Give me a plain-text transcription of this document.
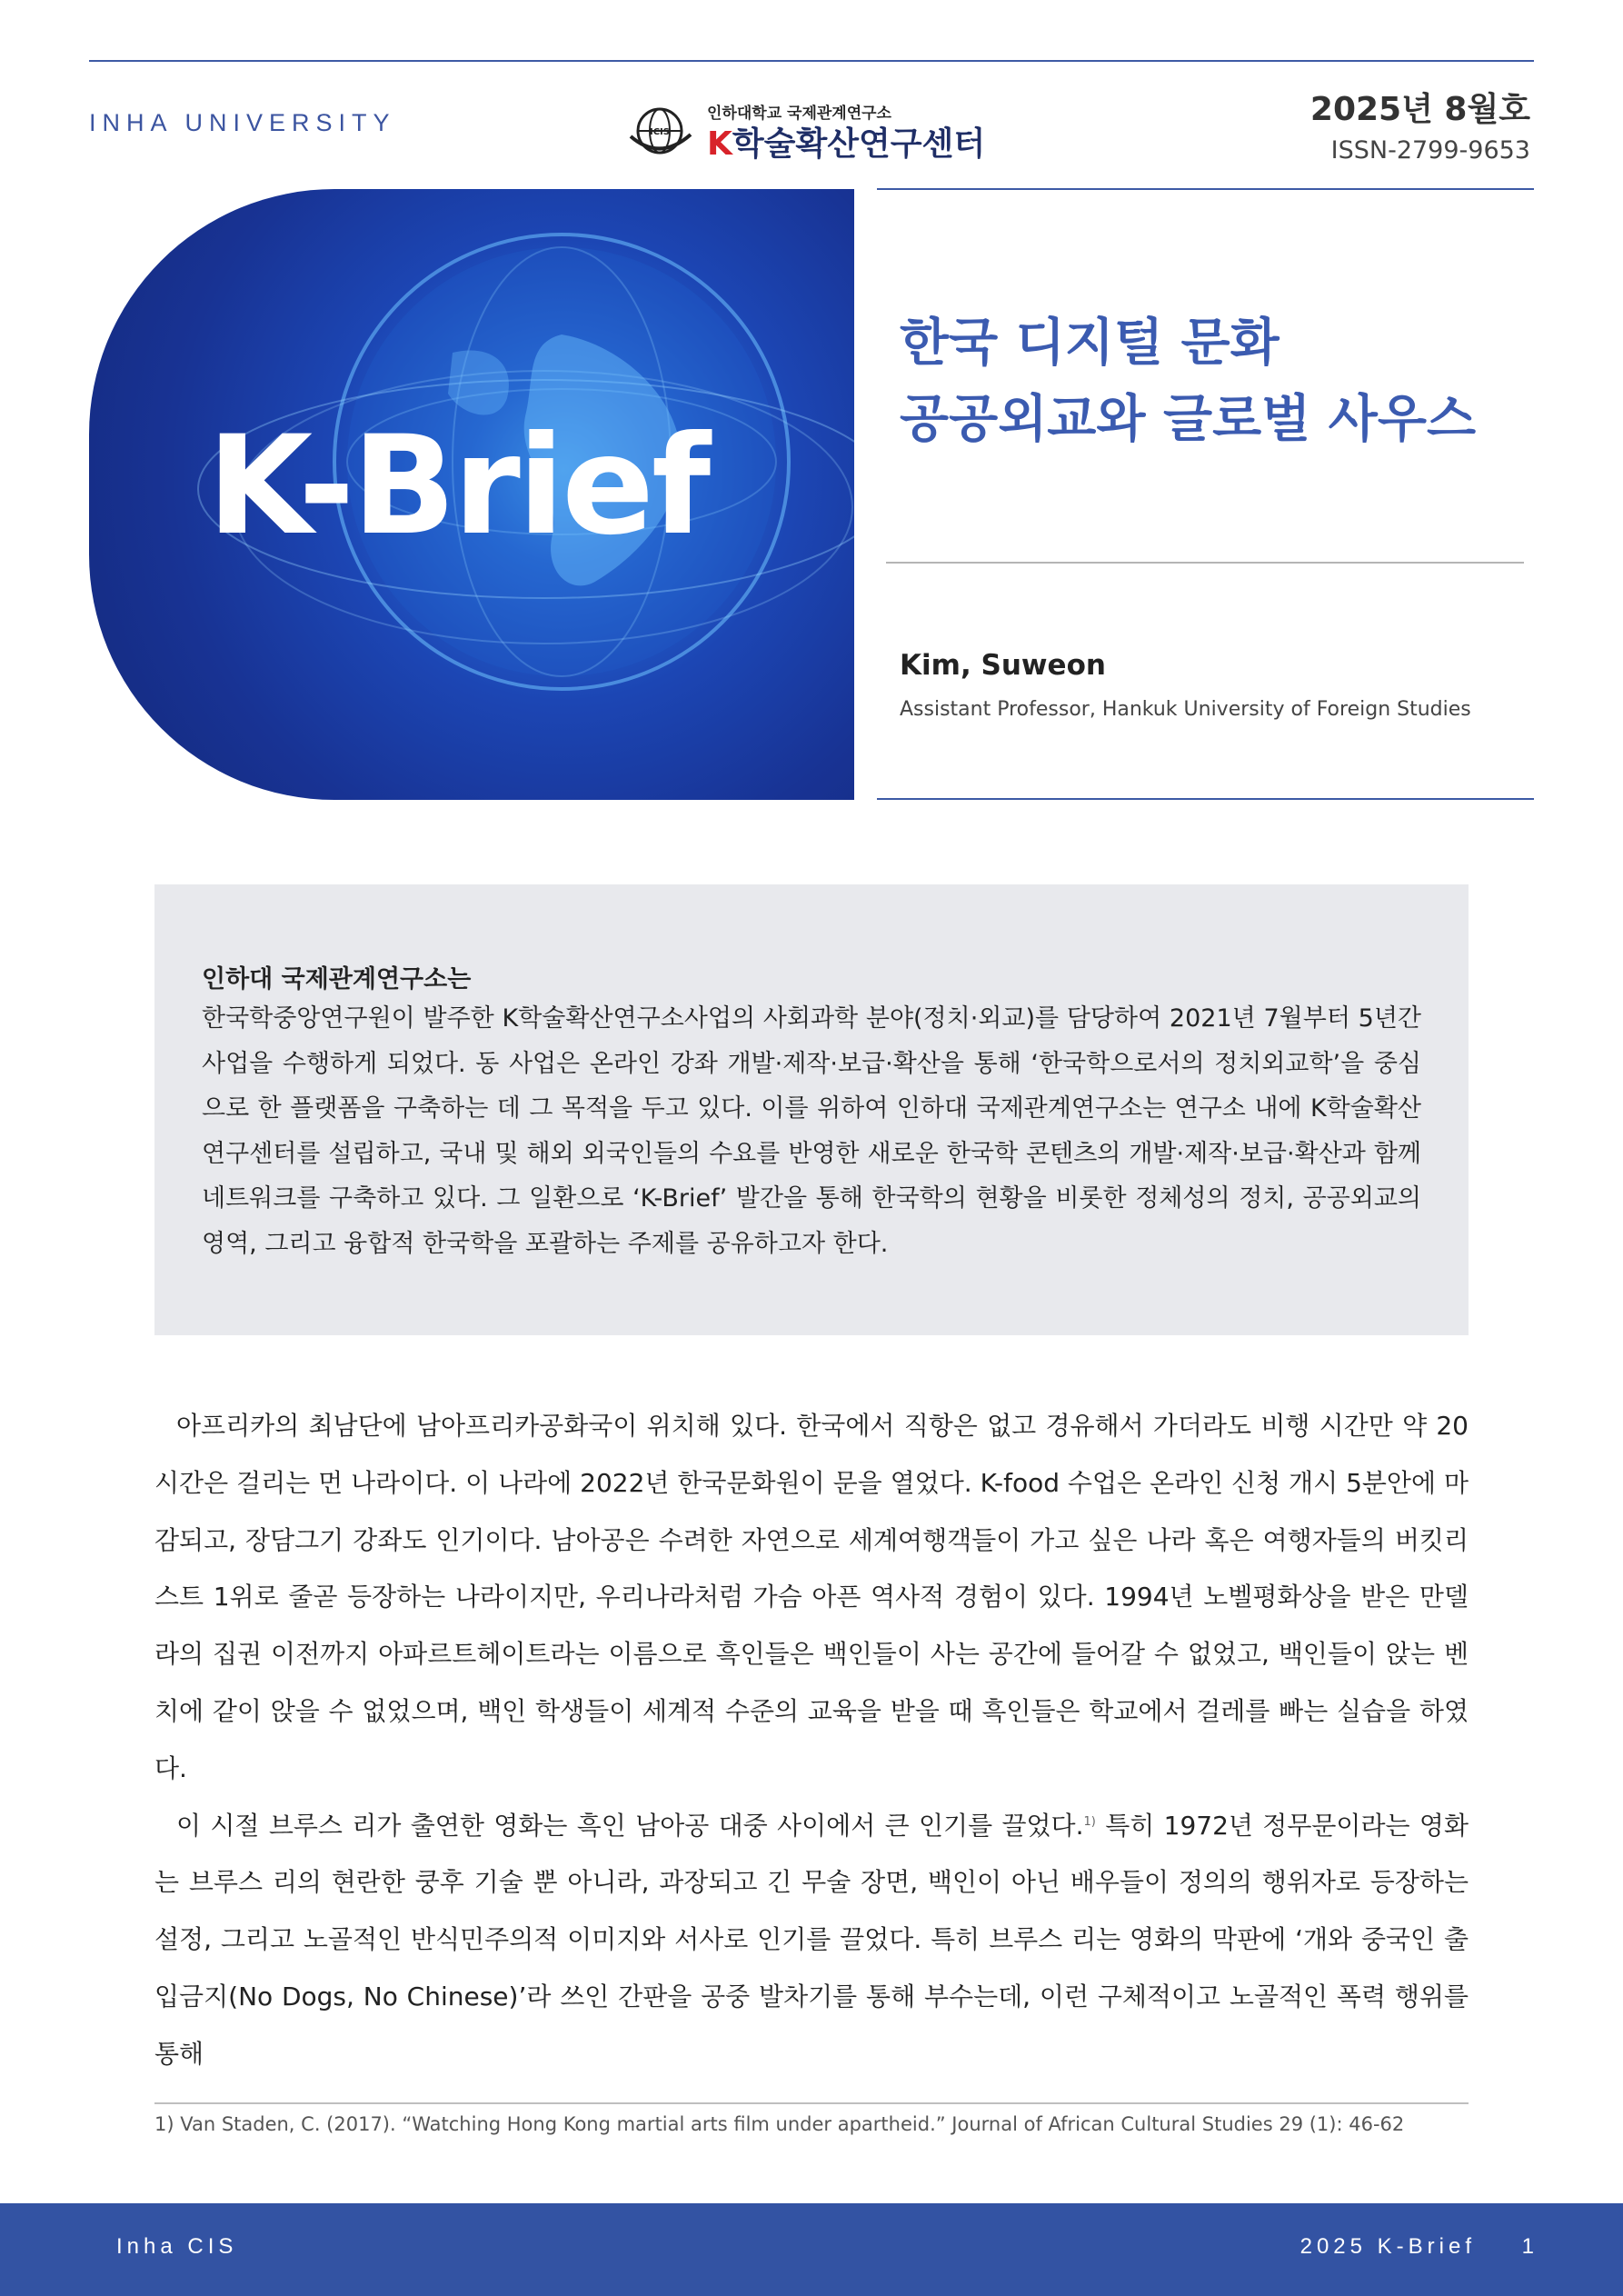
INHA UNIVERSITY	ICIS
인하대학교 국제관계연구소
K학술확산연구센터
2025년 8월호
ISSN-2799-9653
K-Brief
한국 디지털 문화
공공외교와 글로벌 사우스
Kim, Suweon
Assistant Professor, Hankuk University of Foreign Studies
인하대 국제관계연구소는
한국학중앙연구원이 발주한 K학술확산연구소사업의 사회과학 분야(정치·외교)를 담당하여 2021년 7월부터 5년간 사업을 수행하게 되었다. 동 사업은 온라인 강좌 개발·제작·보급·확산을 통해 ‘한국학으로서의 정치외교학’을 중심으로 한 플랫폼을 구축하는 데 그 목적을 두고 있다. 이를 위하여 인하대 국제관계연구소는 연구소 내에 K학술확산연구센터를 설립하고, 국내 및 해외 외국인들의 수요를 반영한 새로운 한국학 콘텐츠의 개발·제작·보급·확산과 함께 네트워크를 구축하고 있다. 그 일환으로 ‘K-Brief’ 발간을 통해 한국학의 현황을 비롯한 정체성의 정치, 공공외교의 영역, 그리고 융합적 한국학을 포괄하는 주제를 공유하고자 한다.

아프리카의 최남단에 남아프리카공화국이 위치해 있다. 한국에서 직항은 없고 경유해서 가더라도 비행 시간만 약 20시간은 걸리는 먼 나라이다. 이 나라에 2022년 한국문화원이 문을 열었다. K-food 수업은 온라인 신청 개시 5분안에 마감되고, 장담그기 강좌도 인기이다. 남아공은 수려한 자연으로 세계여행객들이 가고 싶은 나라 혹은 여행자들의 버킷리스트 1위로 줄곧 등장하는 나라이지만, 우리나라처럼 가슴 아픈 역사적 경험이 있다. 1994년 노벨평화상을 받은 만델라의 집권 이전까지 아파르트헤이트라는 이름으로 흑인들은 백인들이 사는 공간에 들어갈 수 없었고, 백인들이 앉는 벤치에 같이 앉을 수 없었으며, 백인 학생들이 세계적 수준의 교육을 받을 때 흑인들은 학교에서 걸레를 빠는 실습을 하였다.

이 시절 브루스 리가 출연한 영화는 흑인 남아공 대중 사이에서 큰 인기를 끌었다.$^{1)}$ 특히 1972년 정무문이라는 영화는 브루스 리의 현란한 쿵후 기술 뿐 아니라, 과장되고 긴 무술 장면, 백인이 아닌 배우들이 정의의 행위자로 등장하는 설정, 그리고 노골적인 반식민주의적 이미지와 서사로 인기를 끌었다. 특히 브루스 리는 영화의 막판에 ‘개와 중국인 출입금지(No Dogs, No Chinese)’라 쓰인 간판을 공중 발차기를 통해 부수는데, 이런 구체적이고 노골적인 폭력 행위를 통해

1) Van Staden, C. (2017). “Watching Hong Kong martial arts film under apartheid.” Journal of African Cultural Studies 29 (1): 46-62
Inha CIS	2025 K-Brief 1
